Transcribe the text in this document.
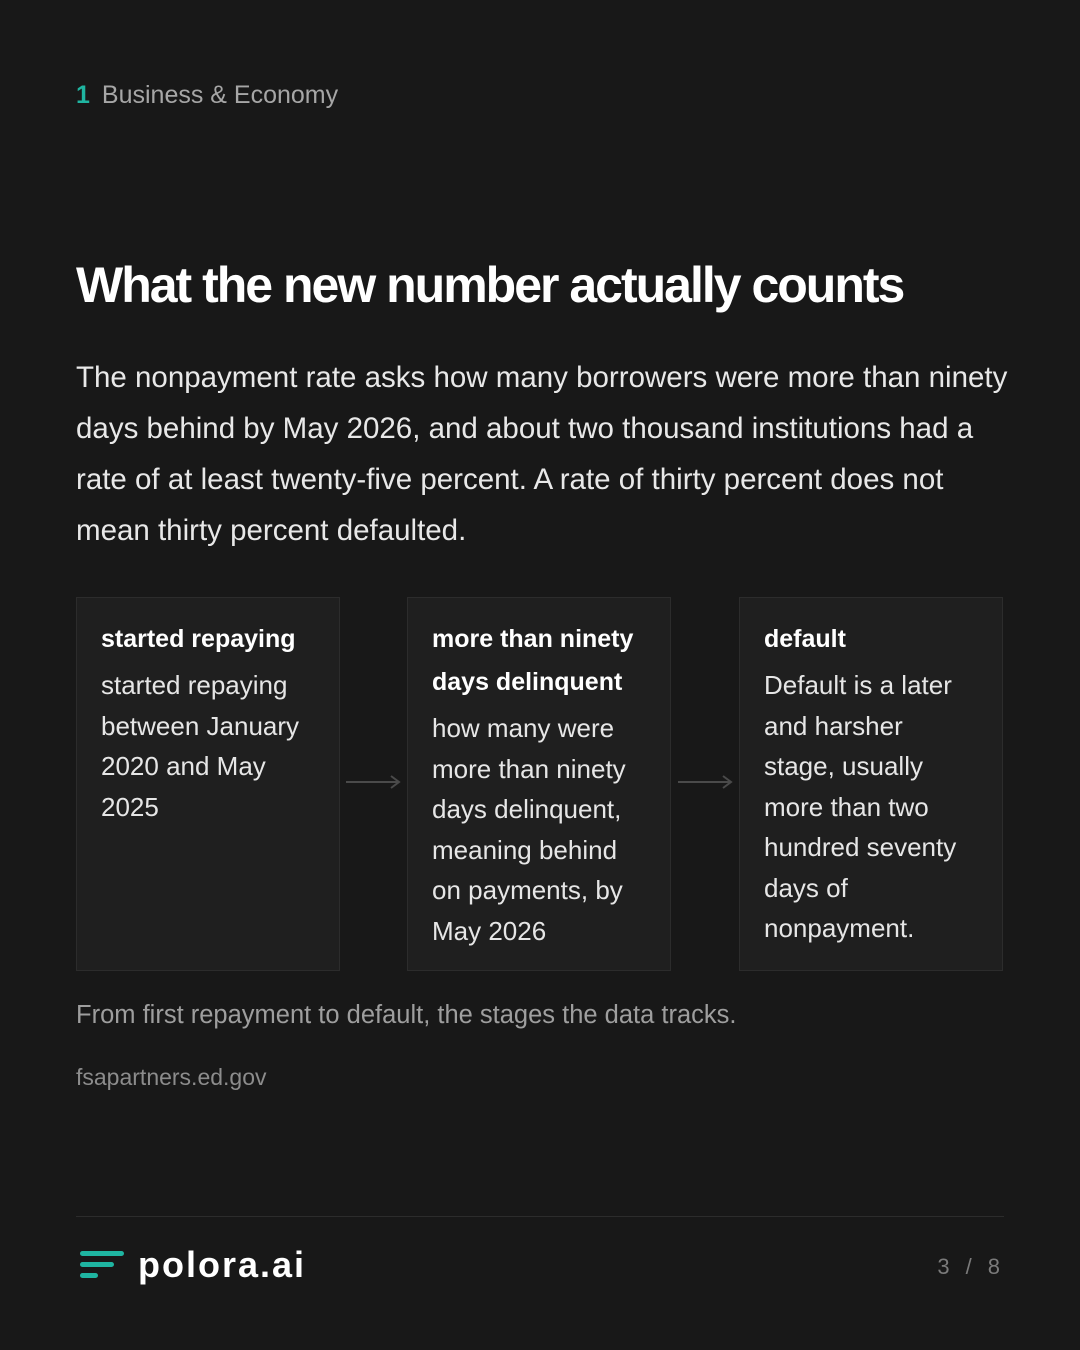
1 Business & Economy
What the new number actually counts

The nonpayment rate asks how many borrowers were more than ninety days behind by May 2026, and about two thousand institutions had a rate of at least twenty-five percent. A rate of thirty percent does not mean thirty percent defaulted.

started repaying
started repaying between January 2020 and May 2025
more than ninety days delinquent
how many were more than ninety days delinquent, meaning behind on payments, by May 2026
default
Default is a later and harsher stage, usually more than two hundred seventy days of nonpayment.
From first repayment to default, the stages the data tracks.
fsapartners.ed.gov
polora.ai	3 / 8
